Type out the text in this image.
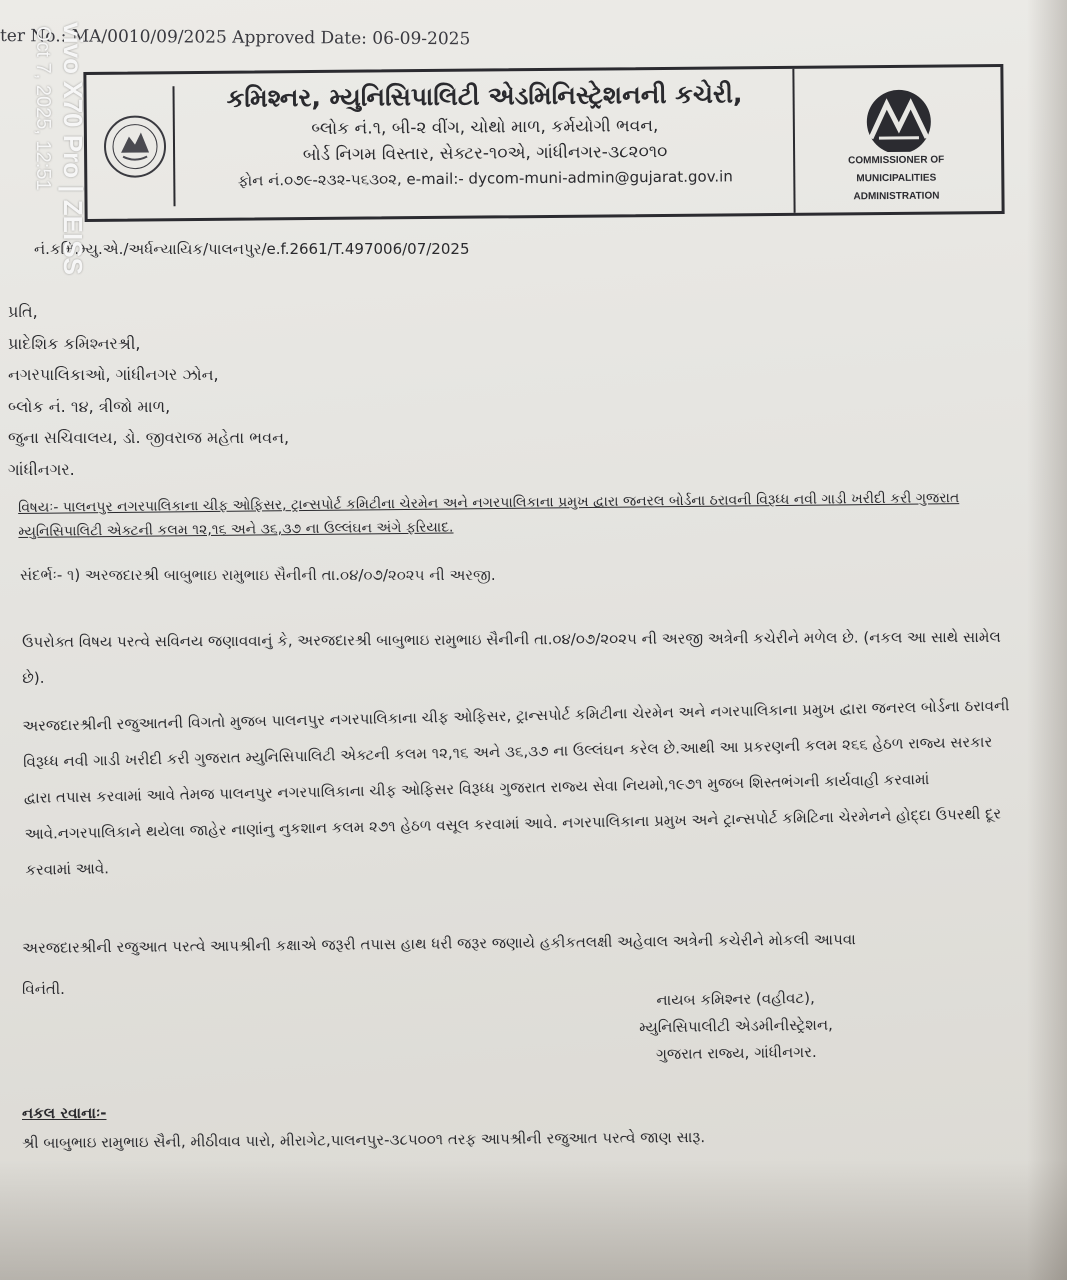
ter No.: MA/0010/09/2025 Approved Date: 06-09-2025
કમિશ્નર, મ્યુનિસિપાલિટી એડમિનિસ્ટ્રેશનની કચેરી,
બ્લોક નં.૧, બી-૨ વીંગ, ચોથો માળ, કર્મયોગી ભવન,
બોર્ડ નિગમ વિસ્તાર, સેક્ટર-૧૦એ, ગાંધીનગર-૩૮૨૦૧૦
ફોન નં.૦૭૯-૨૩૨-૫૬૩૦૨, e-mail:- dycom-muni-admin@gujarat.gov.in
COMMISSIONER OF
MUNICIPALITIES
ADMINISTRATION
નં.કમિ.મ્યુ.એ./અર્ધન્યાયિક/પાલનપુર/e.f.2661/T.497006/07/2025
પ્રતિ,
પ્રાદેશિક કમિશ્નરશ્રી,
નગરપાલિકાઓ, ગાંધીનગર ઝોન,
બ્લોક નં. ૧૪, ત્રીજો માળ,
જુના સચિવાલય, ડો. જીવરાજ મહેતા ભવન,
ગાંધીનગર.
વિષયઃ- પાલનપુર નગરપાલિકાના ચીફ ઓફિસર, ટ્રાન્સપોર્ટ કમિટીના ચેરમેન અને નગરપાલિકાના પ્રમુખ દ્વારા જનરલ બોર્ડના ઠરાવની વિરૂધ્ધ નવી ગાડી ખરીદી કરી ગુજરાત મ્યુનિસિપાલિટી એક્ટની કલમ ૧૨,૧૬ અને ૩૬,૩૭ ના ઉલ્લંઘન અંગે ફરિયાદ.
સંદર્ભઃ- ૧) અરજદારશ્રી બાબુભાઇ રામુભાઇ સૈનીની તા.૦૪/૦૭/૨૦૨૫ ની અરજી.
ઉપરોક્ત વિષય પરત્વે સવિનય જણાવવાનું કે, અરજદારશ્રી બાબુભાઇ રામુભાઇ સૈનીની તા.૦૪/૦૭/૨૦૨૫ ની અરજી અત્રેની કચેરીને મળેલ છે. (નકલ આ સાથે સામેલ છે).
અરજદારશ્રીની રજુઆતની વિગતો મુજબ પાલનપુર નગરપાલિકાના ચીફ ઓફિસર, ટ્રાન્સપોર્ટ કમિટીના ચેરમેન અને નગરપાલિકાના પ્રમુખ દ્વારા જનરલ બોર્ડના ઠરાવની વિરૂધ્ધ નવી ગાડી ખરીદી કરી ગુજરાત મ્યુનિસિપાલિટી એક્ટની કલમ ૧૨,૧૬ અને ૩૬,૩૭ ના ઉલ્લંઘન કરેલ છે.આથી આ પ્રકરણની કલમ ૨૬૬ હેઠળ રાજ્ય સરકાર દ્વારા તપાસ કરવામાં આવે તેમજ પાલનપુર નગરપાલિકાના ચીફ ઓફિસર વિરૂધ્ધ ગુજરાત રાજ્ય સેવા નિયમો,૧૯૭૧ મુજબ શિસ્તભંગની કાર્યવાહી કરવામાં આવે.નગરપાલિકાને થયેલા જાહેર નાણાંનુ નુકશાન કલમ ૨૭૧ હેઠળ વસૂલ કરવામાં આવે. નગરપાલિકાના પ્રમુખ અને ટ્રાન્સપોર્ટ કમિટિના ચેરમેનને હોદ્દા ઉપરથી દૂર કરવામાં આવે.
અરજદારશ્રીની રજુઆત પરત્વે આપશ્રીની કક્ષાએ જરૂરી તપાસ હાથ ધરી જરૂર જણાયે હકીકતલક્ષી અહેવાલ અત્રેની કચેરીને મોકલી આપવા
વિનંતી.	નાયબ કમિશ્નર (વહીવટ),
મ્યુનિસિપાલીટી એડમીનીસ્ટ્રેશન,
ગુજરાત રાજ્ય, ગાંધીનગર.
નકલ રવાનાઃ-
શ્રી બાબુભાઇ રામુભાઇ સૈની, મીઠીવાવ પારો, મીરાગેટ,પાલનપુર-૩૮૫૦૦૧ તરફ આપશ્રીની રજુઆત પરત્વે જાણ સારૂ.
vivo X70 Pro | ZEISS
Oct 7, 2025, 12:51
